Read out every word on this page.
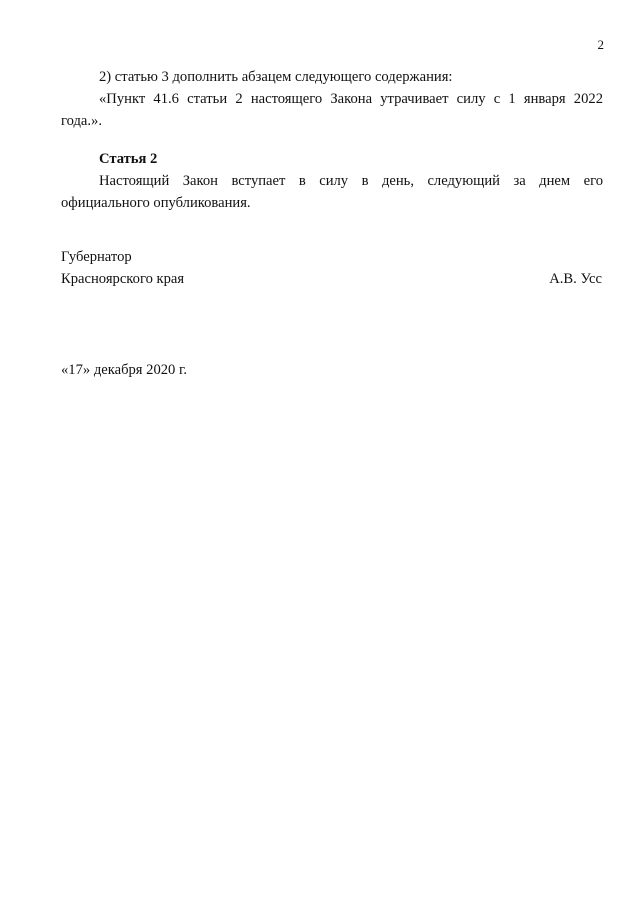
2
2) статью 3 дополнить абзацем следующего содержания:
«Пункт 41.6 статьи 2 настоящего Закона утрачивает силу с 1 января 2022
года.».
Статья 2
Настоящий Закон вступает в силу в день, следующий за днем его
официального опубликования.
Губернатор
Красноярского края	А.В. Усс
«17» декабря 2020 г.
